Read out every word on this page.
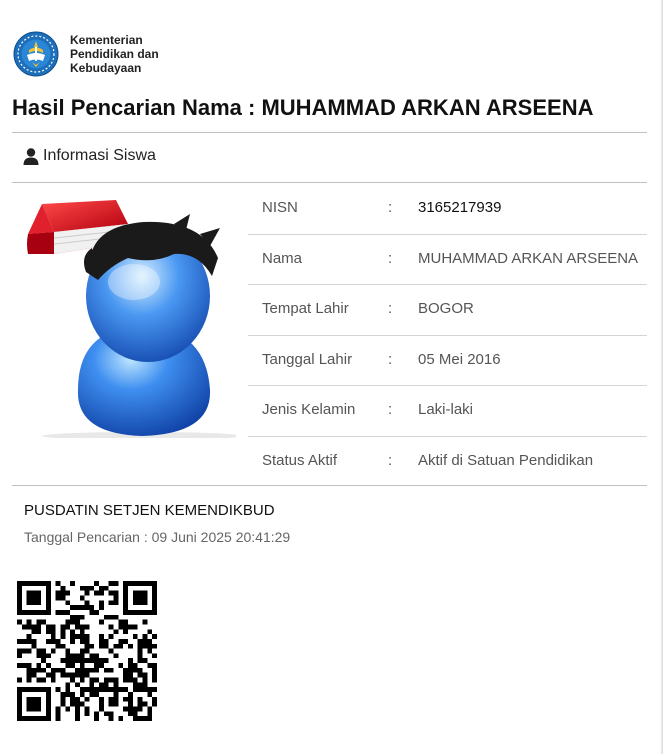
Kementerian
Pendidikan dan
Kebudayaan
Hasil Pencarian Nama : MUHAMMAD ARKAN ARSEENA
Informasi Siswa
NISN	: 3165217939
Nama	: MUHAMMAD ARKAN ARSEENA
Tempat Lahir	: BOGOR
Tanggal Lahir : 05 Mei 2016
Jenis Kelamin : Laki-laki
Status Aktif	: Aktif di Satuan Pendidikan
PUSDATIN SETJEN KEMENDIKBUD
Tanggal Pencarian : 09 Juni 2025 20:41:29
